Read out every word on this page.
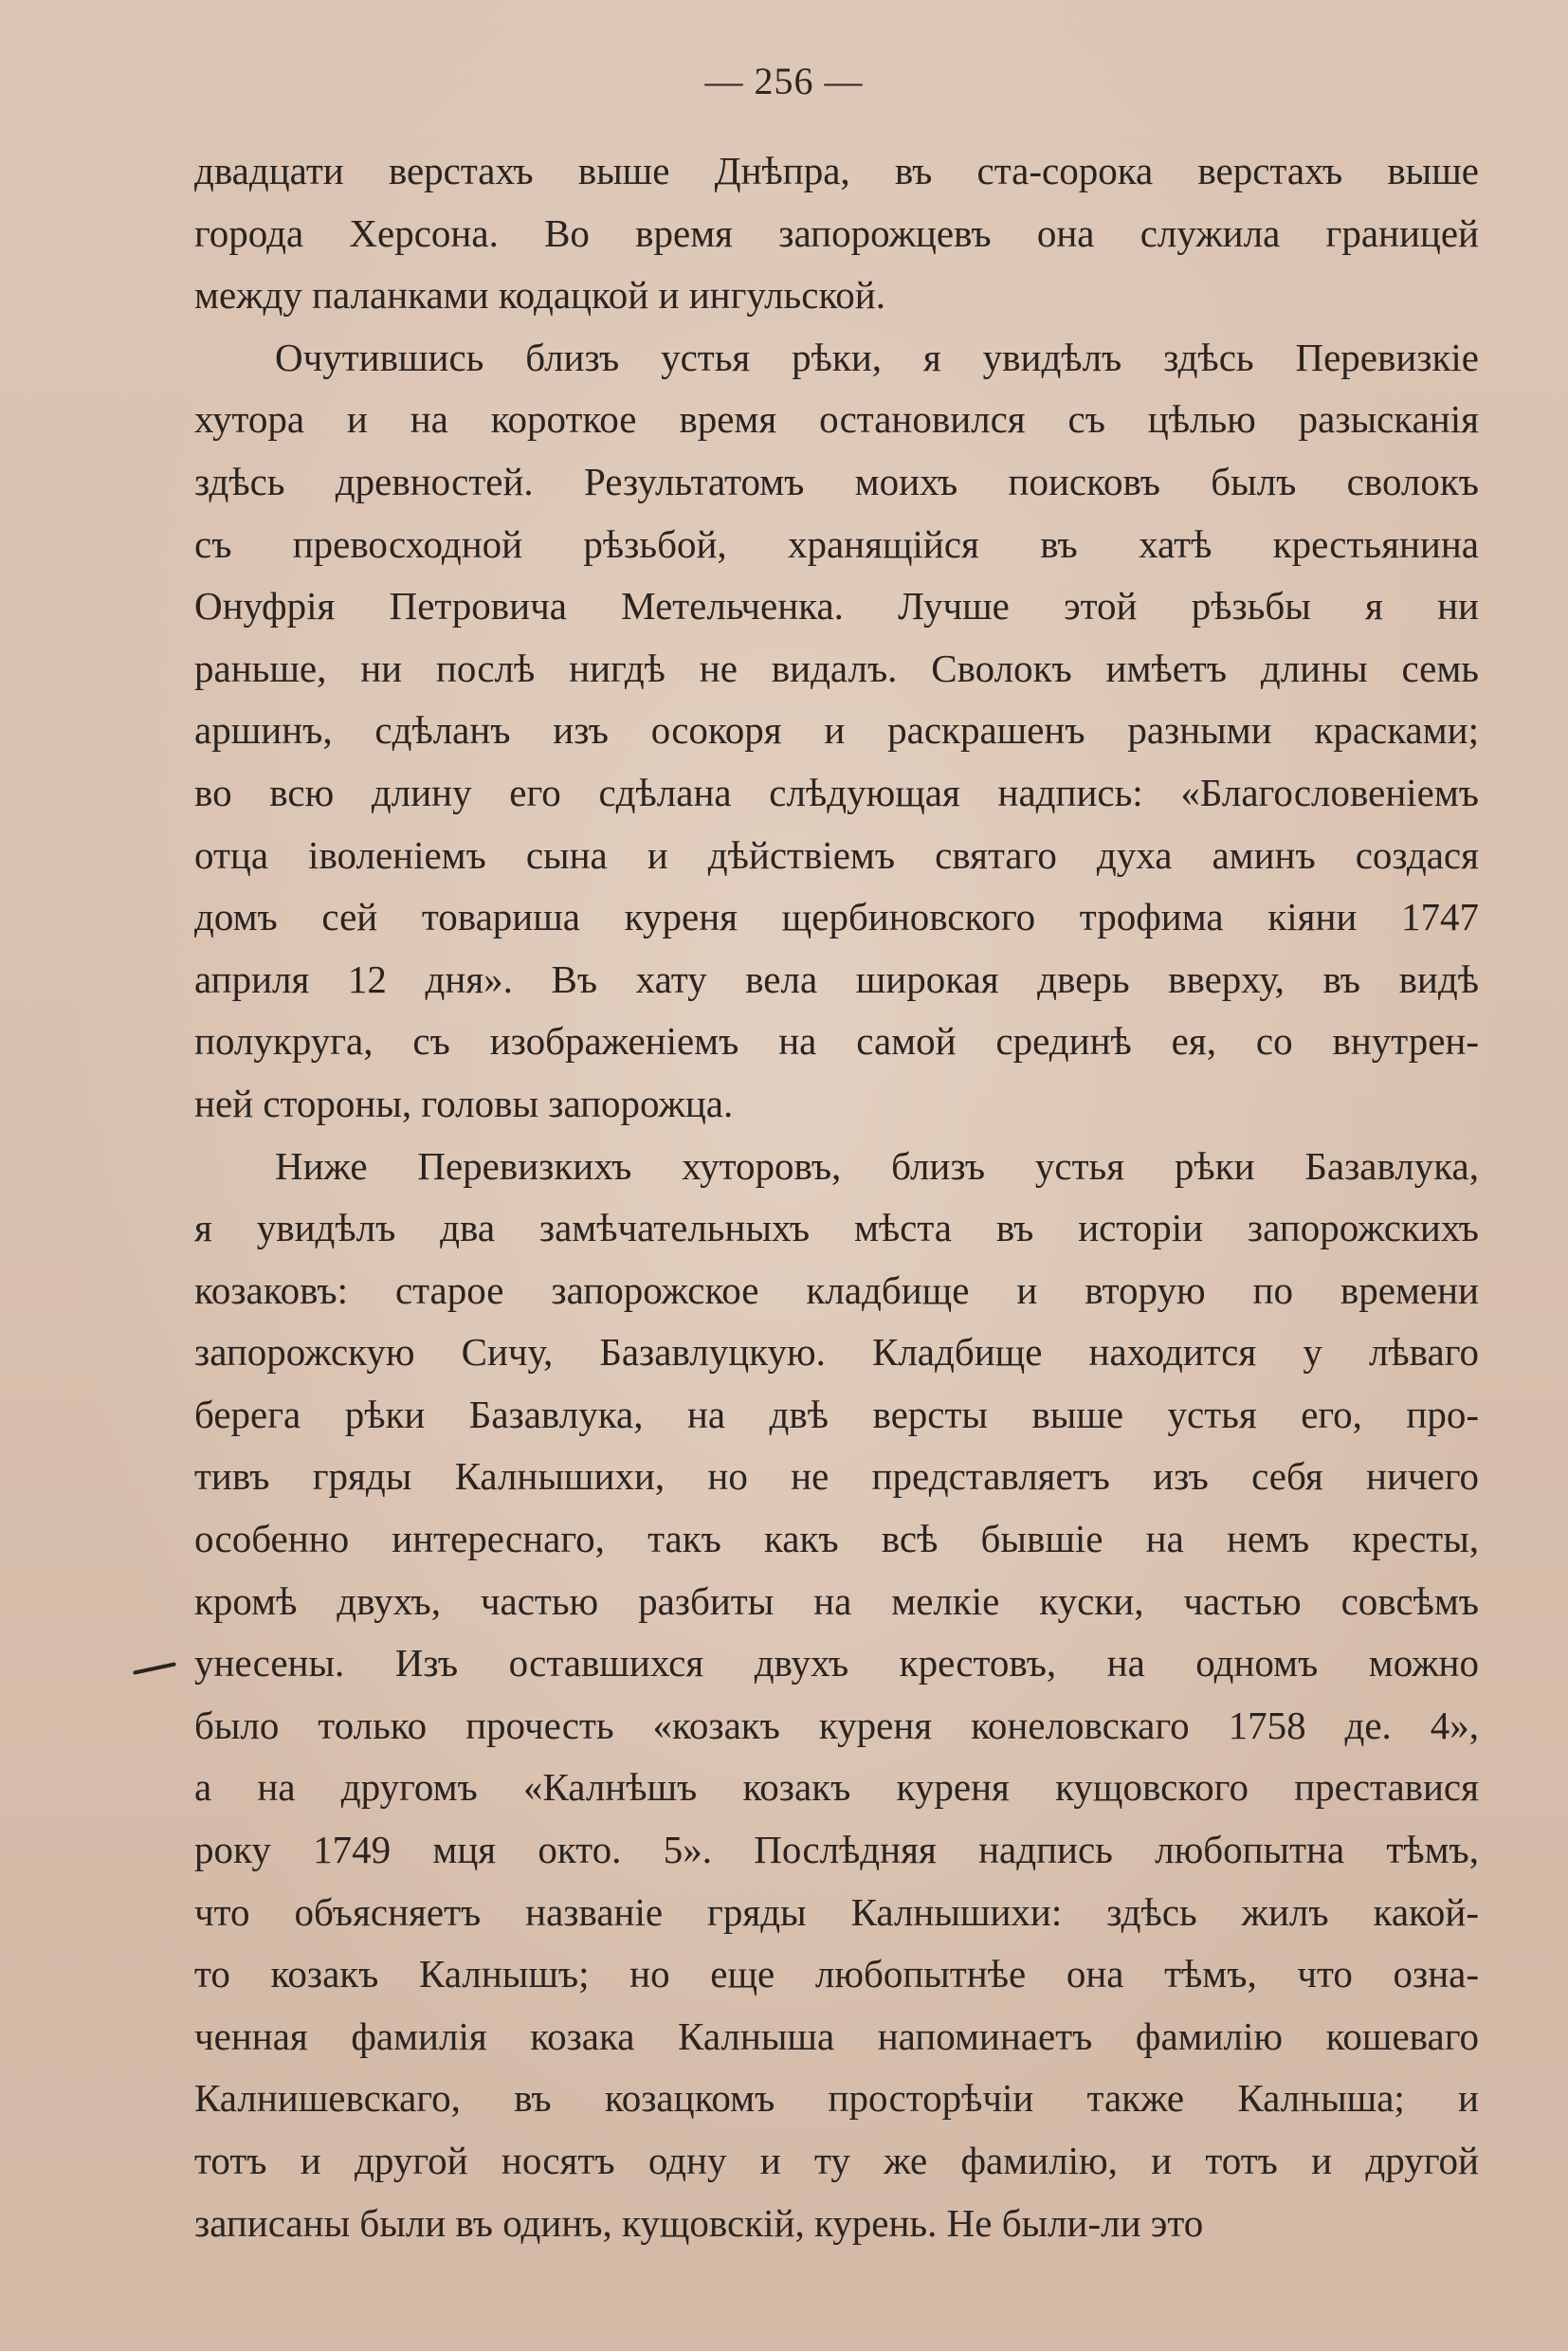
— 256 —
двадцати верстахъ выше Днѣпра, въ ста-сорока верстахъ выше
города Херсона. Во время запорожцевъ она служила границей
между паланками кодацкой и ингульской.
Очутившись близъ устья рѣки, я увидѣлъ здѣсь Перевизкіе
хутора и на короткое время остановился съ цѣлью разысканія
здѣсь древностей. Результатомъ моихъ поисковъ былъ сволокъ
съ превосходной рѣзьбой, хранящійся въ хатѣ крестьянина
Онуфрія Петровича Метельченка. Лучше этой рѣзьбы я ни
раньше, ни послѣ нигдѣ не видалъ. Сволокъ имѣетъ длины семь
аршинъ, сдѣланъ изъ осокоря и раскрашенъ разными красками;
во всю длину его сдѣлана слѣдующая надпись: «Благословеніемъ
отца іволеніемъ сына и дѣйствіемъ святаго духа аминъ создася
домъ сей товариша куреня щербиновского трофима кіяни 1747
априля 12 дня». Въ хату вела широкая дверь вверху, въ видѣ
полукруга, съ изображеніемъ на самой срединѣ ея, со внутрен-
ней стороны, головы запорожца.
Ниже Перевизкихъ хуторовъ, близъ устья рѣки Базавлука,
я увидѣлъ два замѣчательныхъ мѣста въ исторіи запорожскихъ
козаковъ: старое запорожское кладбище и вторую по времени
запорожскую Сичу, Базавлуцкую. Кладбище находится у лѣваго
берега рѣки Базавлука, на двѣ версты выше устья его, про-
тивъ гряды Калнышихи, но не представляетъ изъ себя ничего
особенно интереснаго, такъ какъ всѣ бывшіе на немъ кресты,
кромѣ двухъ, частью разбиты на мелкіе куски, частью совсѣмъ
унесены. Изъ оставшихся двухъ крестовъ, на одномъ можно
было только прочесть «козакъ куреня конеловскаго 1758 де. 4»,
а на другомъ «Калнѣшъ козакъ куреня кущовского преставися
року 1749 мця окто. 5». Послѣдняя надпись любопытна тѣмъ,
что объясняетъ названіе гряды Калнышихи: здѣсь жилъ какой-
то козакъ Калнышъ; но еще любопытнѣе она тѣмъ, что озна-
ченная фамилія козака Калныша напоминаетъ фамилію кошеваго
Калнишевскаго, въ козацкомъ просторѣчіи также Калныша; и
тотъ и другой носятъ одну и ту же фамилію, и тотъ и другой
записаны были въ одинъ, кущовскій, курень. Не были-ли это
